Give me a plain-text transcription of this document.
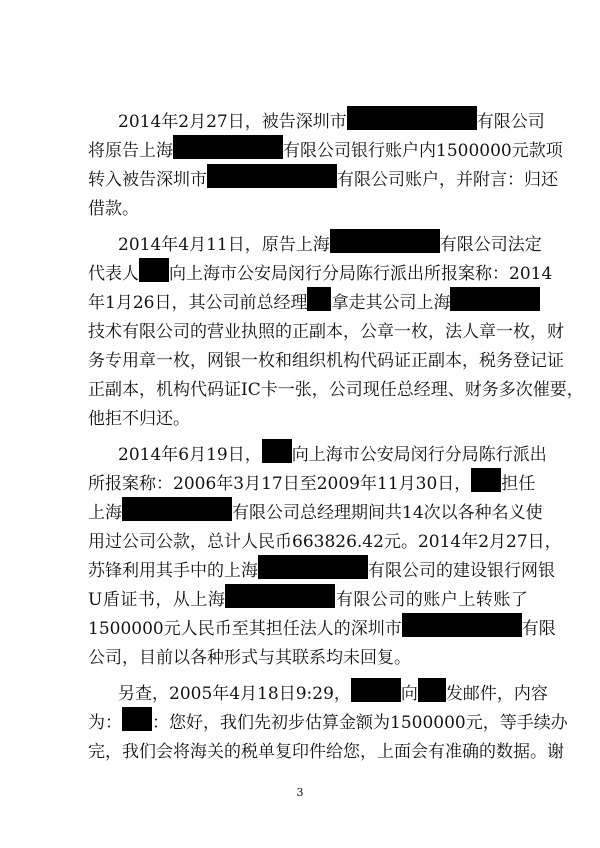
2014 年 2 月 27 日 ， 被 告 深 圳 市	有 限 公 司
将 原 告 上 海	有 限 公 司 银 行 账 户 内 1500000 元 款 项
转 入 被 告 深 圳 市	有 限 公 司 账 户 ， 并 附 言 ： 归 还
借款。
2014 年 4 月 11 日 ， 原 告 上 海	有 限 公 司 法 定
代 表 人 向 上 海 市 公 安 局 闵 行 分 局 陈 行 派 出 所 报 案 称 ： 2014
年 1 月 26 日 ， 其 公 司 前 总 经 理 拿 走 其 公 司 上 海
技 术 有 限 公 司 的 营 业 执 照 的 正 副 本 ， 公 章 一 枚 ， 法 人 章 一 枚 ， 财
务 专 用 章 一 枚 ， 网 银 一 枚 和 组 织 机 构 代 码 证 正 副 本 ， 税 务 登 记 证
正 副 本 ， 机 构 代 码 证 IC 卡 一 张 ， 公 司 现 任 总 经 理 、 财 务 多 次 催 要 ，
他拒不归还。
2014 年 6 月 19 日 ， 向 上 海 市 公 安 局 闵 行 分 局 陈 行 派 出
所 报 案 称 ： 2006 年 3 月 17 日 至 2009 年 11 月 30 日 ， 担 任
上 海	有 限 公 司 总 经 理 期 间 共 14 次 以 各 种 名 义 使
用 过 公 司 公 款 ， 总 计 人 民 币 663826.42 元 。 2014 年 2 月 27 日 ，
苏 锋 利 用 其 手 中 的 上 海	有 限 公 司 的 建 设 银 行 网 银
U 盾 证 书 ， 从 上 海	有 限 公 司 的 账 户 上 转 账 了
1500000 元 人 民 币 至 其 担 任 法 人 的 深 圳 市	有 限
公司，目前以各种形式与其联系均未回复。
另 查 ， 2005 年 4 月 18 日 9:29 ，	向 发 邮 件 ， 内 容
为 ： ： 您 好 ， 我 们 先 初 步 估 算 金 额 为 1500000 元 ， 等 手 续 办
完 ， 我 们 会 将 海 关 的 税 单 复 印 件 给 您 ， 上 面 会 有 准 确 的 数 据 。 谢
3
